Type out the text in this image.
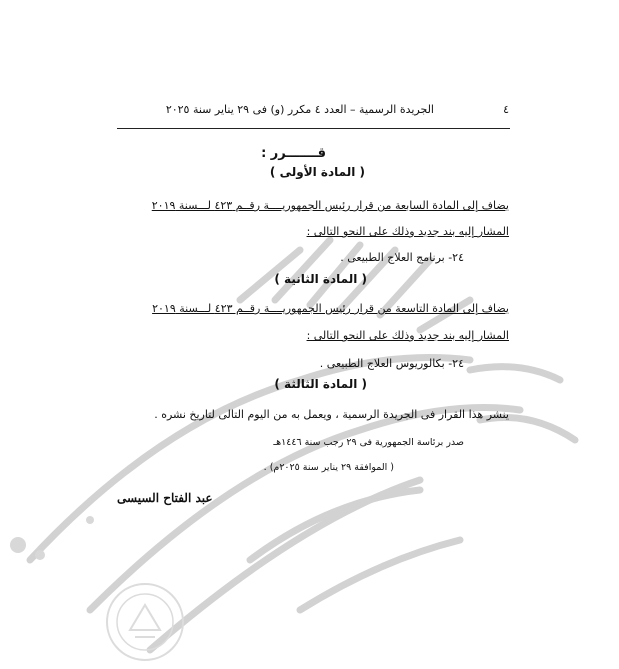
الجريدة الرسمية – العدد ٤ مكرر (و) فى ٢٩ يناير سنة ٢٠٢٥	٤
قـــــــرر :
( المادة الأولى )
يضاف إلى المادة السابعة من قرار رئيس الجمهوريــــة رقــم ٤٢٣ لـــسنة ٢٠١٩
المشار إليه بند جديد وذلك على النحو التالى :
٢٤- برنامج العلاج الطبيعى .
( المادة الثانية )
يضاف إلى المادة التاسعة من قرار رئيس الجمهوريــــة رقــم ٤٢٣ لـــسنة ٢٠١٩
المشار إليه بند جديد وذلك على النحو التالى :
٢٤- بكالوريوس العلاج الطبيعى .
( المادة الثالثة )
ينشر هذا القرار فى الجريدة الرسمية ، ويعمل به من اليوم التالى لتاريخ نشره .
صدر برئاسة الجمهورية فى ٢٩ رجب سنة ١٤٤٦هـ
( الموافقة ٢٩ يناير سنة ٢٠٢٥م) .
عبد الفتاح السيسى
